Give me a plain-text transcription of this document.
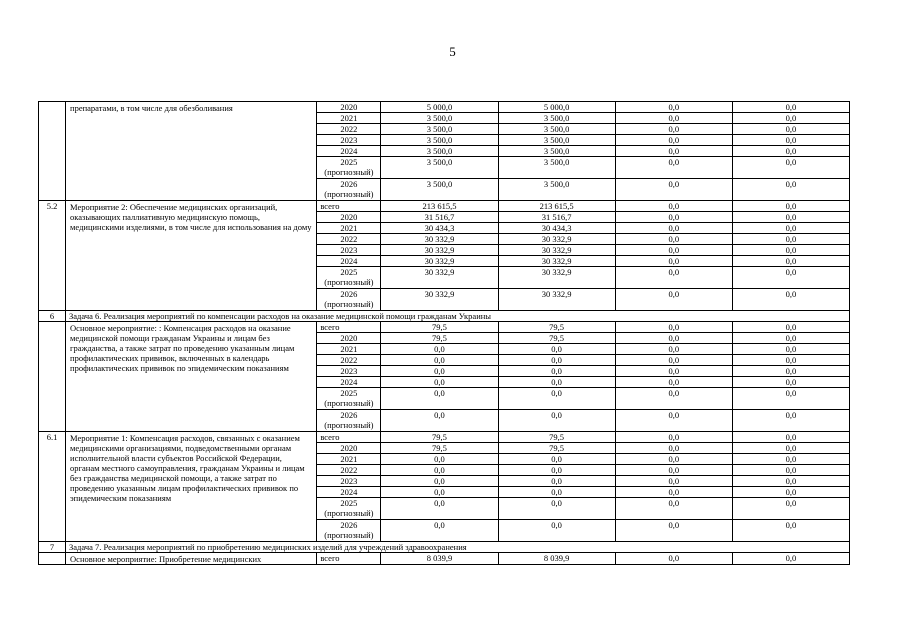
5
	препаратами, в том числе для обезболивания	2020	5 000,0	5 000,0	0,0	0,0
		2021	3 500,0	3 500,0	0,0	0,0
		2022	3 500,0	3 500,0	0,0	0,0
		2023	3 500,0	3 500,0	0,0	0,0
		2024	3 500,0	3 500,0	0,0	0,0
		2025
(прогнозный)	3 500,0	3 500,0	0,0	0,0
		2026
(прогнозный)	3 500,0	3 500,0	0,0	0,0
5.2	Мероприятие 2: Обеспечение медицинских организаций, оказывающих паллиативную медицинскую помощь, медицинскими изделиями, в том числе для использования на дому	всего	213 615,5	213 615,5	0,0	0,0
		2020	31 516,7	31 516,7	0,0	0,0
		2021	30 434,3	30 434,3	0,0	0,0
		2022	30 332,9	30 332,9	0,0	0,0
		2023	30 332,9	30 332,9	0,0	0,0
		2024	30 332,9	30 332,9	0,0	0,0
		2025
(прогнозный)	30 332,9	30 332,9	0,0	0,0
		2026
(прогнозный)	30 332,9	30 332,9	0,0	0,0
6	Задача 6. Реализация мероприятий по компенсации расходов на оказание медицинской помощи гражданам Украины					
	Основное мероприятие: : Компенсация расходов на оказание медицинской помощи гражданам Украины и лицам без гражданства, а также затрат по проведению указанным лицам профилактических прививок, включенных в календарь профилактических прививок по эпидемическим показаниям	всего	79,5	79,5	0,0	0,0
		2020	79,5	79,5	0,0	0,0
		2021	0,0	0,0	0,0	0,0
		2022	0,0	0,0	0,0	0,0
		2023	0,0	0,0	0,0	0,0
		2024	0,0	0,0	0,0	0,0
		2025
(прогнозный)	0,0	0,0	0,0	0,0
		2026
(прогнозный)	0,0	0,0	0,0	0,0
6.1	Мероприятие 1: Компенсация расходов, связанных с оказанием медицинскими организациями, подведомственными органам исполнительной власти субъектов Российской Федерации, органам местного самоуправления, гражданам Украины и лицам без гражданства медицинской помощи, а также затрат по проведению указанным лицам профилактических прививок по эпидемическим показаниям	всего	79,5	79,5	0,0	0,0
		2020	79,5	79,5	0,0	0,0
		2021	0,0	0,0	0,0	0,0
		2022	0,0	0,0	0,0	0,0
		2023	0,0	0,0	0,0	0,0
		2024	0,0	0,0	0,0	0,0
		2025
(прогнозный)	0,0	0,0	0,0	0,0
		2026
(прогнозный)	0,0	0,0	0,0	0,0
7	Задача 7. Реализация мероприятий по приобретению медицинских изделий для учреждений здравоохранения					
	Основное мероприятие: Приобретение медицинских	всего	8 039,9	8 039,9	0,0	0,0
